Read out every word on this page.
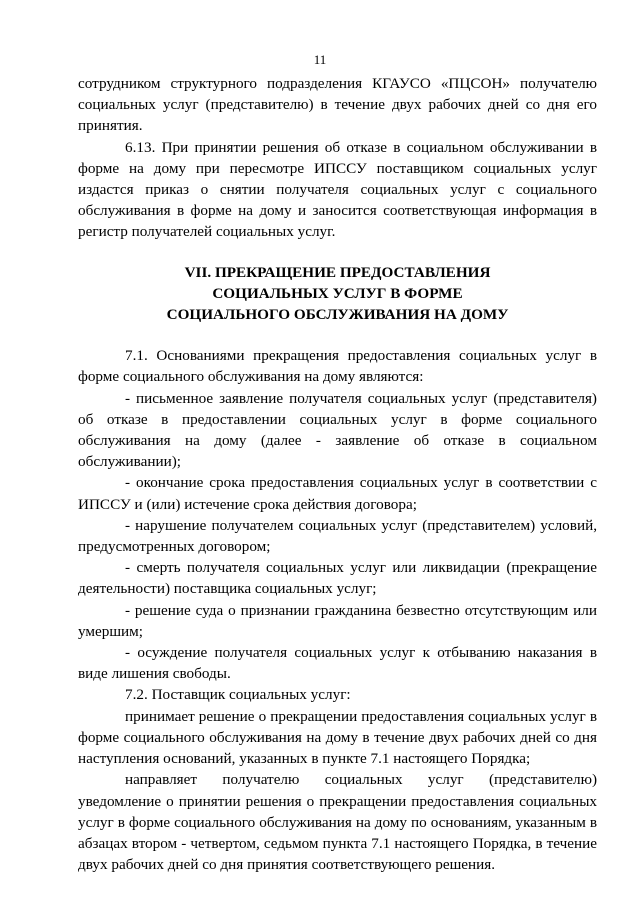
11

сотрудником структурного подразделения КГАУСО «ПЦСОН» получателю социальных услуг (представителю) в течение двух рабочих дней со дня его принятия.

6.13. При принятии решения об отказе в социальном обслуживании в форме на дому при пересмотре ИПССУ поставщиком социальных услуг издастся приказ о снятии получателя социальных услуг с социального обслуживания в форме на дому и заносится соответствующая информация в регистр получателей социальных услуг.

VII. ПРЕКРАЩЕНИЕ ПРЕДОСТАВЛЕНИЯ
СОЦИАЛЬНЫХ УСЛУГ В ФОРМЕ
СОЦИАЛЬНОГО ОБСЛУЖИВАНИЯ НА ДОМУ

7.1. Основаниями прекращения предоставления социальных услуг в форме социального обслуживания на дому являются:

- письменное заявление получателя социальных услуг (представителя) об отказе в предоставлении социальных услуг в форме социального обслуживания на дому (далее - заявление об отказе в социальном обслуживании);

- окончание срока предоставления социальных услуг в соответствии с ИПССУ и (или) истечение срока действия договора;

- нарушение получателем социальных услуг (представителем) условий, предусмотренных договором;

- смерть получателя социальных услуг или ликвидации (прекращение деятельности) поставщика социальных услуг;

- решение суда о признании гражданина безвестно отсутствующим или умершим;

- осуждение получателя социальных услуг к отбыванию наказания в виде лишения свободы.

7.2. Поставщик социальных услуг:

принимает решение о прекращении предоставления социальных услуг в форме социального обслуживания на дому в течение двух рабочих дней со дня наступления оснований, указанных в пункте 7.1 настоящего Порядка;

направляет получателю социальных услуг (представителю) уведомление о принятии решения о прекращении предоставления социальных услуг в форме социального обслуживания на дому по основаниям, указанным в абзацах втором - четвертом, седьмом пункта 7.1 настоящего Порядка, в течение двух рабочих дней со дня принятия соответствующего решения.
